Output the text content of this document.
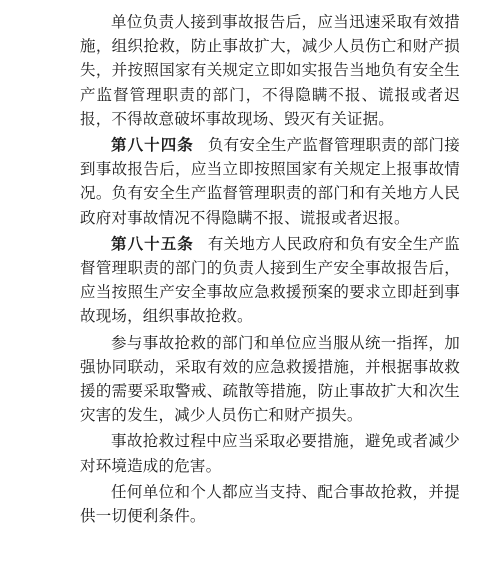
单位负责人接到事故报告后，应当迅速采取有效措施，组织抢救，防止事故扩大，减少人员伤亡和财产损失，并按照国家有关规定立即如实报告当地负有安全生产监督管理职责的部门，不得隐瞒不报、谎报或者迟报，不得故意破坏事故现场、毁灭有关证据。

第八十四条 负有安全生产监督管理职责的部门接到事故报告后，应当立即按照国家有关规定上报事故情况。负有安全生产监督管理职责的部门和有关地方人民政府对事故情况不得隐瞒不报、谎报或者迟报。

第八十五条 有关地方人民政府和负有安全生产监督管理职责的部门的负责人接到生产安全事故报告后，应当按照生产安全事故应急救援预案的要求立即赶到事故现场，组织事故抢救。

参与事故抢救的部门和单位应当服从统一指挥，加强协同联动，采取有效的应急救援措施，并根据事故救援的需要采取警戒、疏散等措施，防止事故扩大和次生灾害的发生，减少人员伤亡和财产损失。

事故抢救过程中应当采取必要措施，避免或者减少对环境造成的危害。

任何单位和个人都应当支持、配合事故抢救，并提供一切便利条件。
